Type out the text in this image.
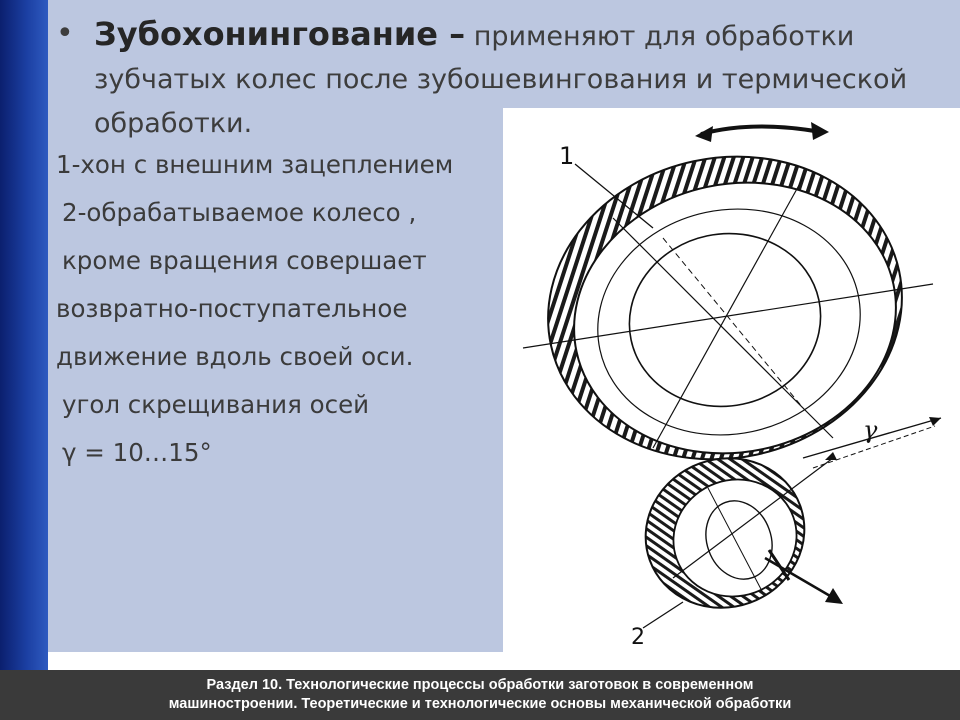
• Зубохонингование – применяют для обработки
зубчатых колес после зубошевингования и термической
обработки.
1-хон с внешним зацеплением
2-обрабатываемое колесо ,
кроме вращения совершает
возвратно-поступательное
движение вдоль своей оси.
угол скрещивания осей
γ = 10…15°
1
2
γ
Раздел 10. Технологические процессы обработки заготовок в современном
машиностроении. Теоретические и технологические основы механической обработки
